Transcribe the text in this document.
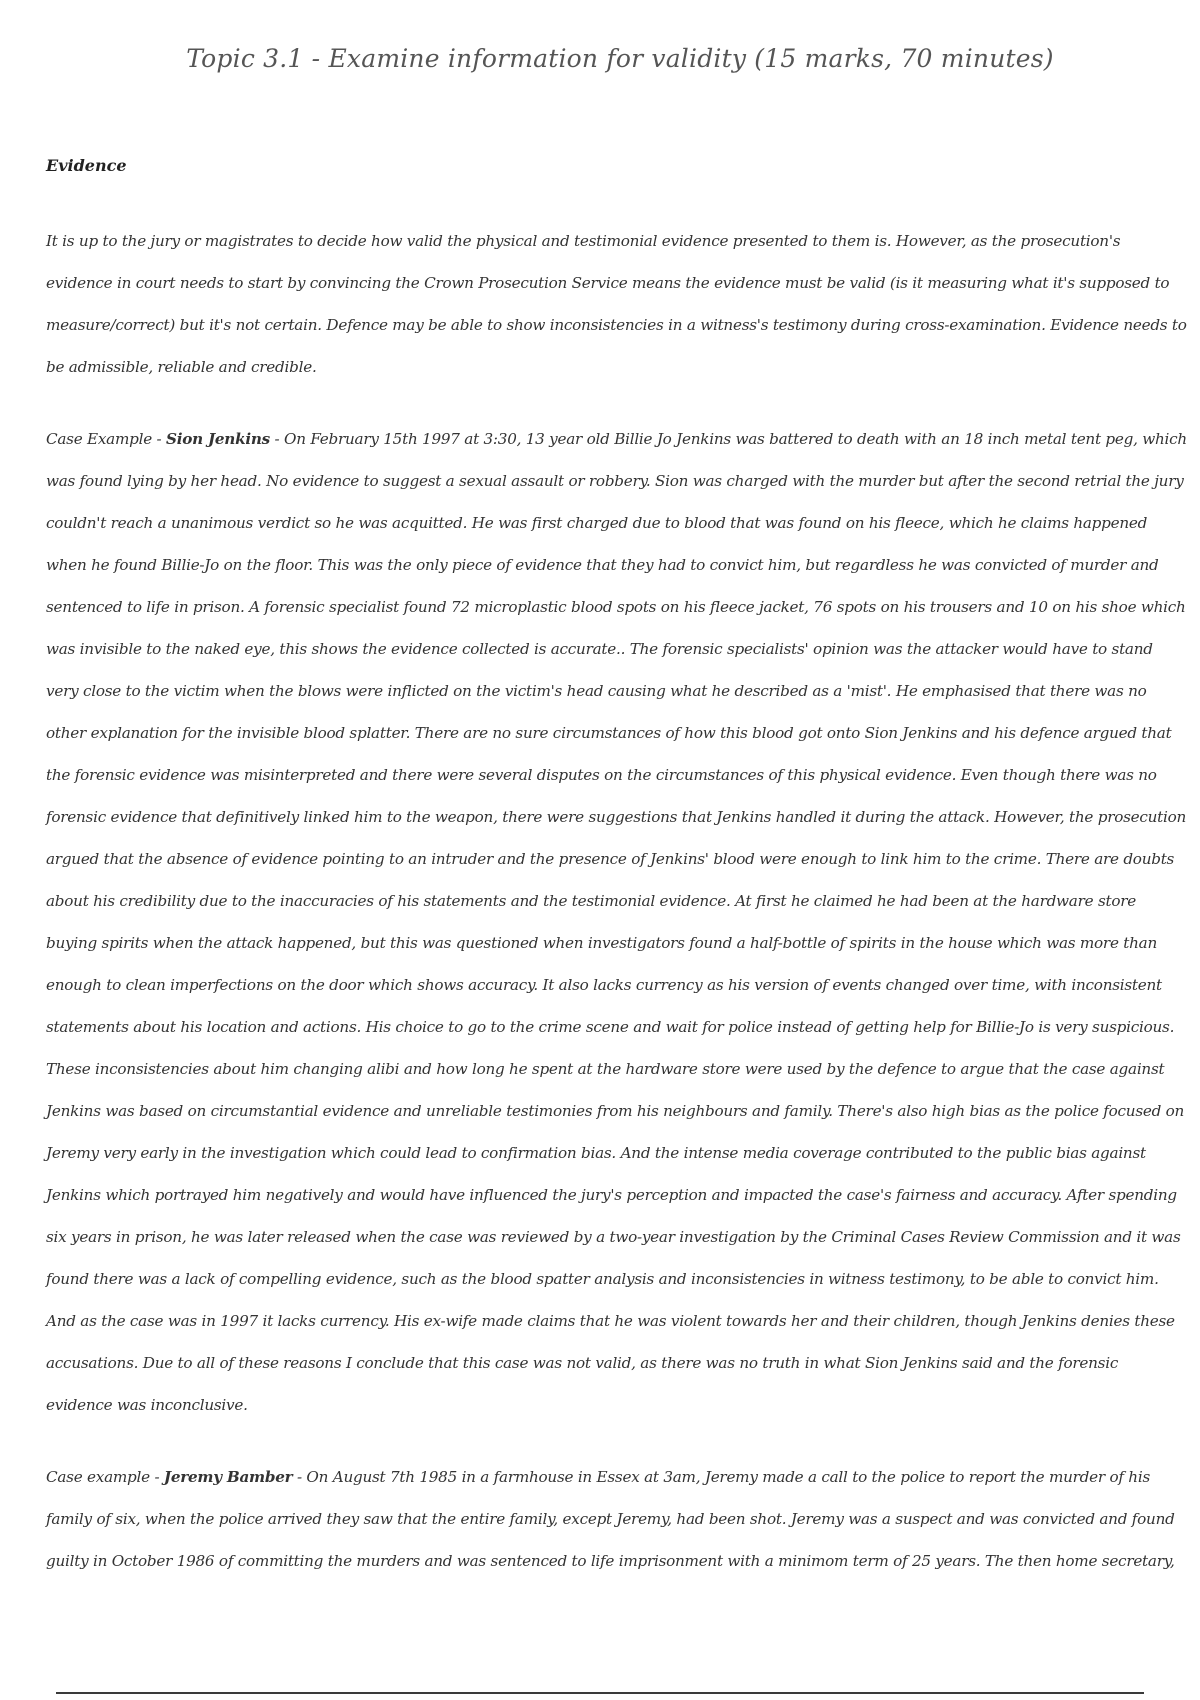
Topic 3.1 - Examine information for validity (15 marks, 70 minutes)
Evidence

It is up to the jury or magistrates to decide how valid the physical and testimonial evidence presented to them is. However, as the prosecution's evidence in court needs to start by convincing the Crown Prosecution Service means the evidence must be valid (is it measuring what it's supposed to measure/correct) but it's not certain. Defence may be able to show inconsistencies in a witness's testimony during cross-examination. Evidence needs to be admissible, reliable and credible.

Case Example - Sion Jenkins - On February 15th 1997 at 3:30, 13 year old Billie Jo Jenkins was battered to death with an 18 inch metal tent peg, which was found lying by her head. No evidence to suggest a sexual assault or robbery. Sion was charged with the murder but after the second retrial the jury couldn't reach a unanimous verdict so he was acquitted. He was first charged due to blood that was found on his fleece, which he claims happened when he found Billie-Jo on the floor. This was the only piece of evidence that they had to convict him, but regardless he was convicted of murder and sentenced to life in prison. A forensic specialist found 72 microplastic blood spots on his fleece jacket, 76 spots on his trousers and 10 on his shoe which was invisible to the naked eye, this shows the evidence collected is accurate.. The forensic specialists' opinion was the attacker would have to stand very close to the victim when the blows were inflicted on the victim's head causing what he described as a 'mist'. He emphasised that there was no other explanation for the invisible blood splatter. There are no sure circumstances of how this blood got onto Sion Jenkins and his defence argued that the forensic evidence was misinterpreted and there were several disputes on the circumstances of this physical evidence. Even though there was no forensic evidence that definitively linked him to the weapon, there were suggestions that Jenkins handled it during the attack. However, the prosecution argued that the absence of evidence pointing to an intruder and the presence of Jenkins' blood were enough to link him to the crime. There are doubts about his credibility due to the inaccuracies of his statements and the testimonial evidence. At first he claimed he had been at the hardware store buying spirits when the attack happened, but this was questioned when investigators found a half-bottle of spirits in the house which was more than enough to clean imperfections on the door which shows accuracy. It also lacks currency as his version of events changed over time, with inconsistent statements about his location and actions. His choice to go to the crime scene and wait for police instead of getting help for Billie-Jo is very suspicious. These inconsistencies about him changing alibi and how long he spent at the hardware store were used by the defence to argue that the case against Jenkins was based on circumstantial evidence and unreliable testimonies from his neighbours and family. There's also high bias as the police focused on Jeremy very early in the investigation which could lead to confirmation bias. And the intense media coverage contributed to the public bias against Jenkins which portrayed him negatively and would have influenced the jury's perception and impacted the case's fairness and accuracy. After spending six years in prison, he was later released when the case was reviewed by a two-year investigation by the Criminal Cases Review Commission and it was found there was a lack of compelling evidence, such as the blood spatter analysis and inconsistencies in witness testimony, to be able to convict him. And as the case was in 1997 it lacks currency. His ex-wife made claims that he was violent towards her and their children, though Jenkins denies these accusations. Due to all of these reasons I conclude that this case was not valid, as there was no truth in what Sion Jenkins said and the forensic evidence was inconclusive.

Case example - Jeremy Bamber - On August 7th 1985 in a farmhouse in Essex at 3am, Jeremy made a call to the police to report the murder of his family of six, when the police arrived they saw that the entire family, except Jeremy, had been shot. Jeremy was a suspect and was convicted and found guilty in October 1986 of committing the murders and was sentenced to life imprisonment with a minimom term of 25 years. The then home secretary,
